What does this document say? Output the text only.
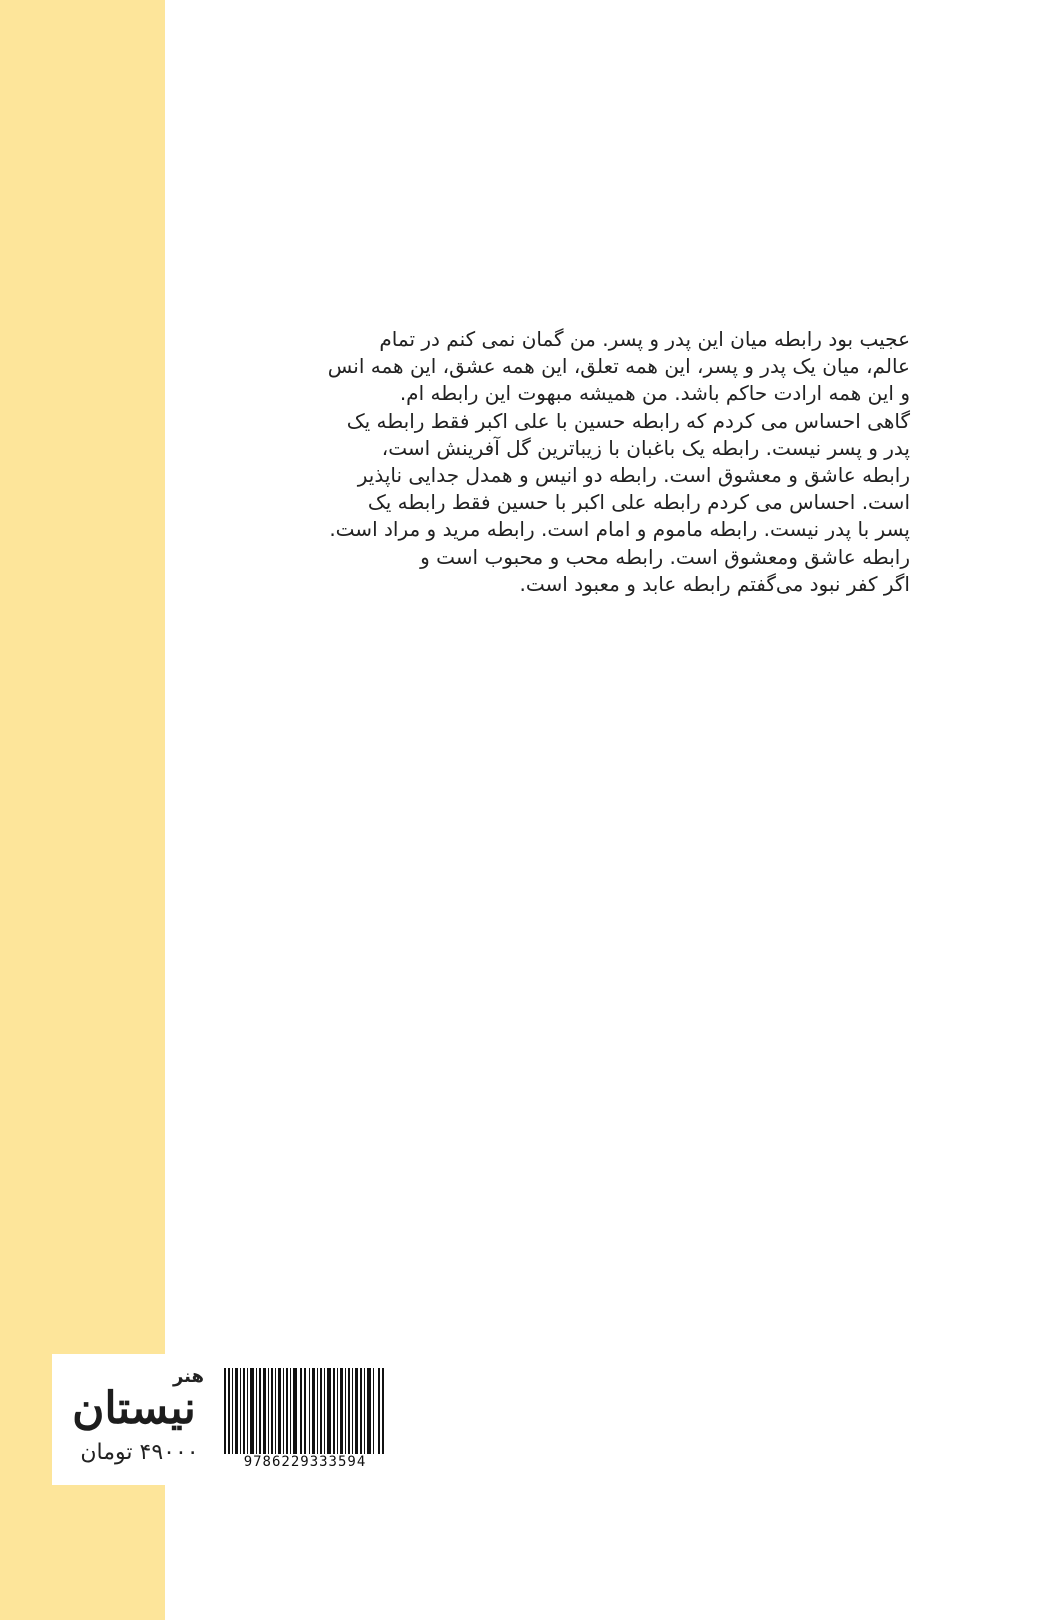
عجیب بود رابطه میان این پدر و پسر. من گمان نمی کنم در تمام
عالم، میان یک پدر و پسر، این همه تعلق، این همه عشق، این همه انس
و این همه ارادت حاکم باشد. من همیشه مبهوت این رابطه ام.
گاهی احساس می کردم که رابطه حسین با علی اکبر فقط رابطه یک
پدر و پسر نیست. رابطه یک باغبان با زیباترین گل آفرینش است،
رابطه عاشق و معشوق است. رابطه دو انیس و همدل جدایی ناپذیر
است. احساس می کردم رابطه علی اکبر با حسین فقط رابطه یک
پسر با پدر نیست. رابطه ماموم و امام است. رابطه مرید و مراد است.
رابطه عاشق ومعشوق است. رابطه محب و محبوب است و
اگر کفر نبود می‌گفتم رابطه عابد و معبود است.
هنر
نیستان
۴۹۰۰۰ تومان	9786229333594
